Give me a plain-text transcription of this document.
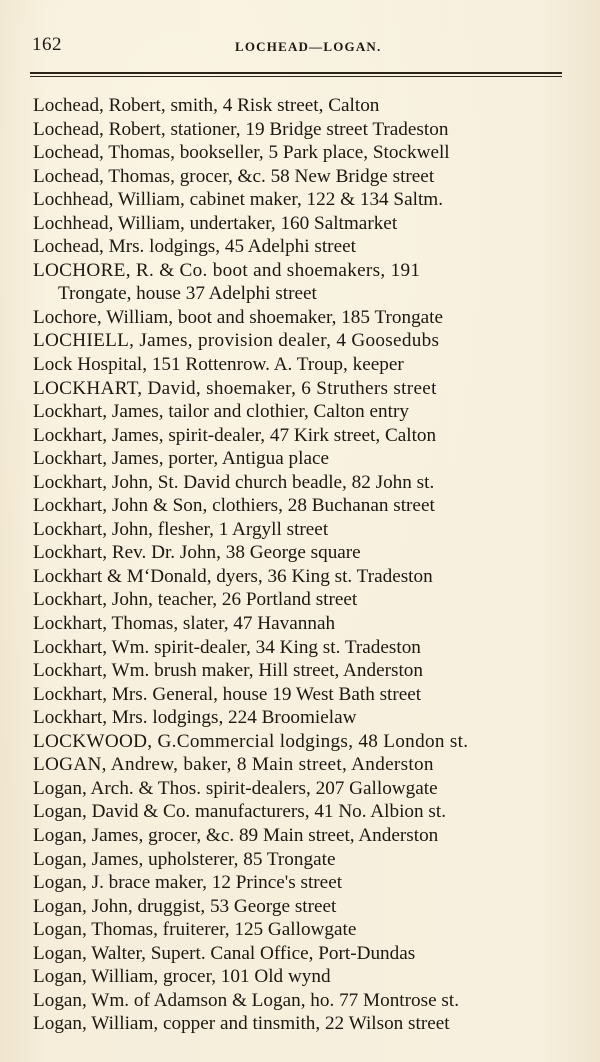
162	LOCHEAD—LOGAN.
Lochead, Robert, smith, 4 Risk street, Calton
Lochead, Robert, stationer, 19 Bridge street Tradeston
Lochead, Thomas, bookseller, 5 Park place, Stockwell
Lochead, Thomas, grocer, &c. 58 New Bridge street
Lochhead, William, cabinet maker, 122 & 134 Saltm.
Lochhead, William, undertaker, 160 Saltmarket
Lochead, Mrs. lodgings, 45 Adelphi street
LOCHORE, R. & Co. boot and shoemakers, 191
Trongate, house 37 Adelphi street
Lochore, William, boot and shoemaker, 185 Trongate
LOCHIELL, James, provision dealer, 4 Goosedubs
Lock Hospital, 151 Rottenrow. A. Troup, keeper
LOCKHART, David, shoemaker, 6 Struthers street
Lockhart, James, tailor and clothier, Calton entry
Lockhart, James, spirit-dealer, 47 Kirk street, Calton
Lockhart, James, porter, Antigua place
Lockhart, John, St. David church beadle, 82 John st.
Lockhart, John & Son, clothiers, 28 Buchanan street
Lockhart, John, flesher, 1 Argyll street
Lockhart, Rev. Dr. John, 38 George square
Lockhart & M‘Donald, dyers, 36 King st. Tradeston
Lockhart, John, teacher, 26 Portland street
Lockhart, Thomas, slater, 47 Havannah
Lockhart, Wm. spirit-dealer, 34 King st. Tradeston
Lockhart, Wm. brush maker, Hill street, Anderston
Lockhart, Mrs. General, house 19 West Bath street
Lockhart, Mrs. lodgings, 224 Broomielaw
LOCKWOOD, G.Commercial lodgings, 48 London st.
LOGAN, Andrew, baker, 8 Main street, Anderston
Logan, Arch. & Thos. spirit-dealers, 207 Gallowgate
Logan, David & Co. manufacturers, 41 No. Albion st.
Logan, James, grocer, &c. 89 Main street, Anderston
Logan, James, upholsterer, 85 Trongate
Logan, J. brace maker, 12 Prince's street
Logan, John, druggist, 53 George street
Logan, Thomas, fruiterer, 125 Gallowgate
Logan, Walter, Supert. Canal Office, Port-Dundas
Logan, William, grocer, 101 Old wynd
Logan, Wm. of Adamson & Logan, ho. 77 Montrose st.
Logan, William, copper and tinsmith, 22 Wilson street
